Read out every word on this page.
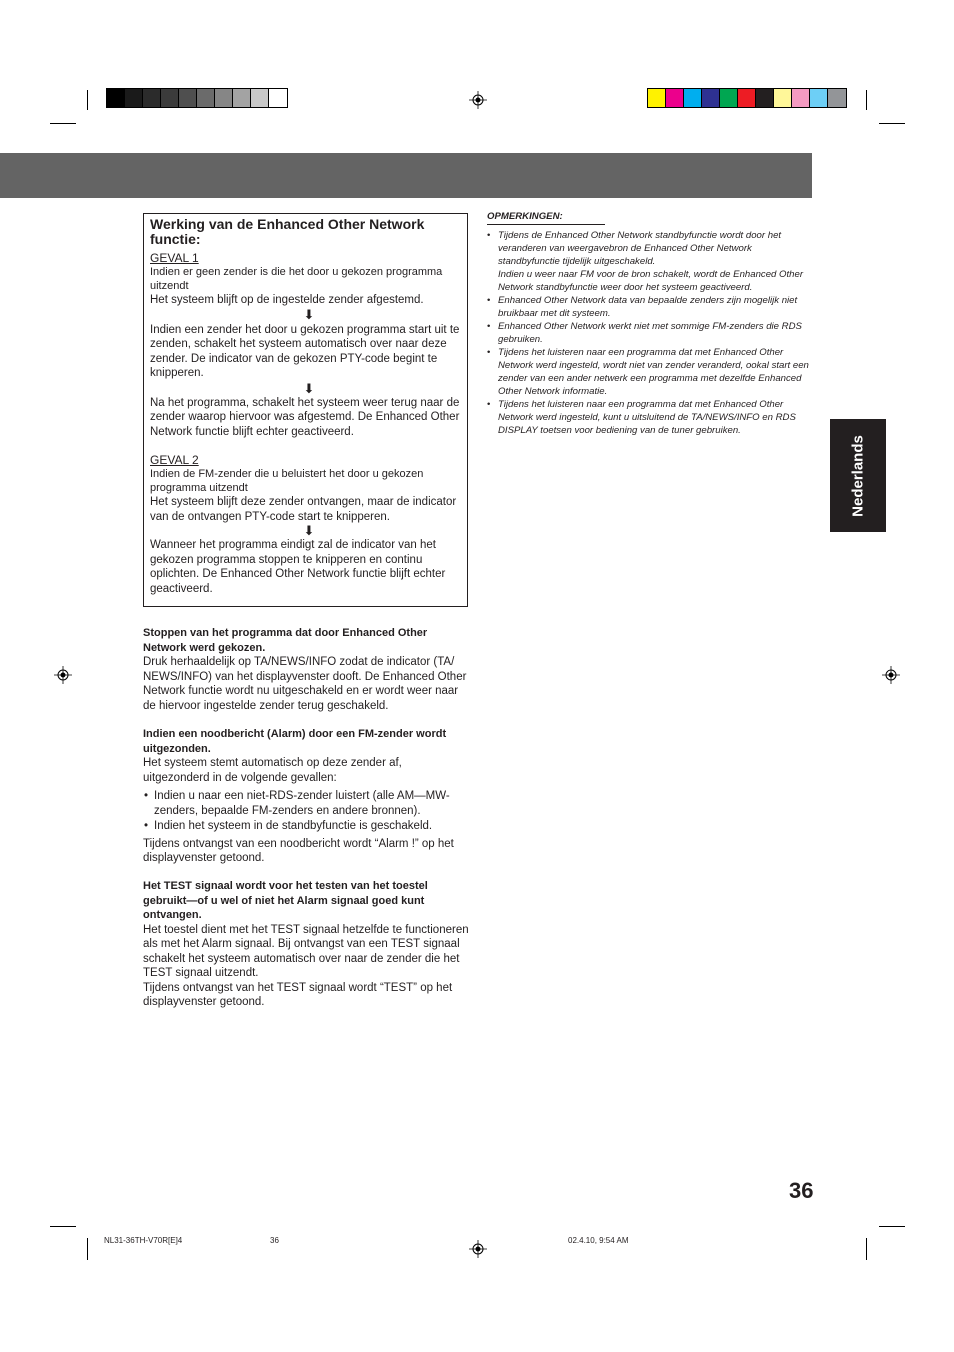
Nederlands

Werking van de Enhanced Other Network functie:

GEVAL 1

Indien er geen zender is die het door u gekozen programma uitzendt

Het systeem blijft op de ingestelde zender afgestemd.

⬇

Indien een zender het door u gekozen programma start uit te zenden, schakelt het systeem automatisch over naar deze zender. De indicator van de gekozen PTY-code begint te knipperen.

⬇

Na het programma, schakelt het systeem weer terug naar de zender waarop hiervoor was afgestemd. De Enhanced Other Network functie blijft echter geactiveerd.

GEVAL 2

Indien de FM-zender die u beluistert het door u gekozen programma uitzendt

Het systeem blijft deze zender ontvangen, maar de indicator van de ontvangen PTY-code start te knipperen.

⬇

Wanneer het programma eindigt zal de indicator van het gekozen programma stoppen te knipperen en continu oplichten. De Enhanced Other Network functie blijft echter geactiveerd.

Stoppen van het programma dat door Enhanced Other Network werd gekozen.

Druk herhaaldelijk op TA/NEWS/INFO zodat de indicator (TA/ NEWS/INFO) van het displayvenster dooft. De Enhanced Other Network functie wordt nu uitgeschakeld en er wordt weer naar de hiervoor ingestelde zender terug geschakeld.

Indien een noodbericht (Alarm) door een FM-zender wordt uitgezonden.

Het systeem stemt automatisch op deze zender af, uitgezonderd in de volgende gevallen:

• Indien u naar een niet-RDS-zender luistert (alle AM—MW-zenders, bepaalde FM-zenders en andere bronnen).

• Indien het systeem in de standbyfunctie is geschakeld.

Tijdens ontvangst van een noodbericht wordt “Alarm !” op het displayvenster getoond.

Het TEST signaal wordt voor het testen van het toestel gebruikt—of u wel of niet het Alarm signaal goed kunt ontvangen.

Het toestel dient met het TEST signaal hetzelfde te functioneren als met het Alarm signaal. Bij ontvangst van een TEST signaal schakelt het systeem automatisch over naar de zender die het TEST signaal uitzendt.

Tijdens ontvangst van het TEST signaal wordt “TEST” op het displayvenster getoond.

OPMERKINGEN:

• Tijdens de Enhanced Other Network standbyfunctie wordt door het veranderen van weergavebron de Enhanced Other Network standbyfunctie tijdelijk uitgeschakeld.
Indien u weer naar FM voor de bron schakelt, wordt de Enhanced Other Network standbyfunctie weer door het systeem geactiveerd.

• Enhanced Other Network data van bepaalde zenders zijn mogelijk niet bruikbaar met dit systeem.

• Enhanced Other Network werkt niet met sommige FM-zenders die RDS gebruiken.

• Tijdens het luisteren naar een programma dat met Enhanced Other Network werd ingesteld, wordt niet van zender veranderd, ookal start een zender van een ander netwerk een programma met dezelfde Enhanced Other Network informatie.

• Tijdens het luisteren naar een programma dat met Enhanced Other Network werd ingesteld, kunt u uitsluitend de TA/NEWS/INFO en RDS DISPLAY toetsen voor bediening van de tuner gebruiken.

36
NL31-36TH-V70R[E]4	36	02.4.10, 9:54 AM
